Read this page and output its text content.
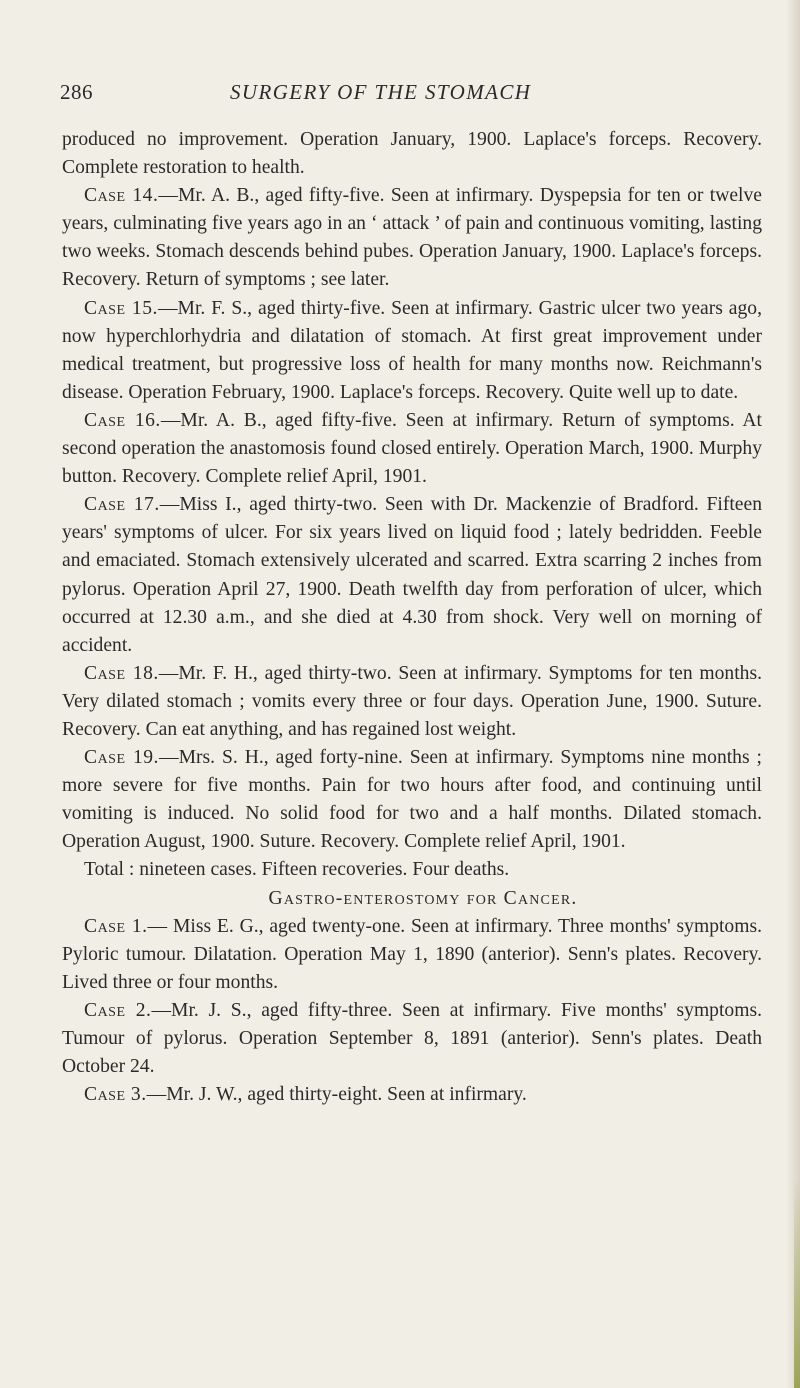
286	SURGERY OF THE STOMACH

produced no improvement. Operation January, 1900. Laplace's forceps. Recovery. Complete restoration to health.

Case 14.—Mr. A. B., aged fifty-five. Seen at infirmary. Dyspepsia for ten or twelve years, culminating five years ago in an ‘ attack ’ of pain and continuous vomiting, lasting two weeks. Stomach descends behind pubes. Operation January, 1900. Laplace's forceps. Recovery. Return of symptoms ; see later.

Case 15.—Mr. F. S., aged thirty-five. Seen at infirmary. Gastric ulcer two years ago, now hyperchlorhydria and dilatation of stomach. At first great improvement under medical treatment, but progressive loss of health for many months now. Reichmann's disease. Operation February, 1900. Laplace's forceps. Recovery. Quite well up to date.

Case 16.—Mr. A. B., aged fifty-five. Seen at infirmary. Return of symptoms. At second operation the anastomosis found closed entirely. Operation March, 1900. Murphy button. Recovery. Complete relief April, 1901.

Case 17.—Miss I., aged thirty-two. Seen with Dr. Mackenzie of Bradford. Fifteen years' symptoms of ulcer. For six years lived on liquid food ; lately bedridden. Feeble and emaciated. Stomach extensively ulcerated and scarred. Extra scarring 2 inches from pylorus. Operation April 27, 1900. Death twelfth day from perforation of ulcer, which occurred at 12.30 a.m., and she died at 4.30 from shock. Very well on morning of accident.

Case 18.—Mr. F. H., aged thirty-two. Seen at infirmary. Symptoms for ten months. Very dilated stomach ; vomits every three or four days. Operation June, 1900. Suture. Recovery. Can eat anything, and has regained lost weight.

Case 19.—Mrs. S. H., aged forty-nine. Seen at infirmary. Symptoms nine months ; more severe for five months. Pain for two hours after food, and continuing until vomiting is induced. No solid food for two and a half months. Dilated stomach. Operation August, 1900. Suture. Recovery. Complete relief April, 1901.

Total : nineteen cases. Fifteen recoveries. Four deaths.

Gastro-enterostomy for Cancer.

Case 1.— Miss E. G., aged twenty-one. Seen at infirmary. Three months' symptoms. Pyloric tumour. Dilatation. Operation May 1, 1890 (anterior). Senn's plates. Recovery. Lived three or four months.

Case 2.—Mr. J. S., aged fifty-three. Seen at infirmary. Five months' symptoms. Tumour of pylorus. Operation September 8, 1891 (anterior). Senn's plates. Death October 24.

Case 3.—Mr. J. W., aged thirty-eight. Seen at infirmary.
